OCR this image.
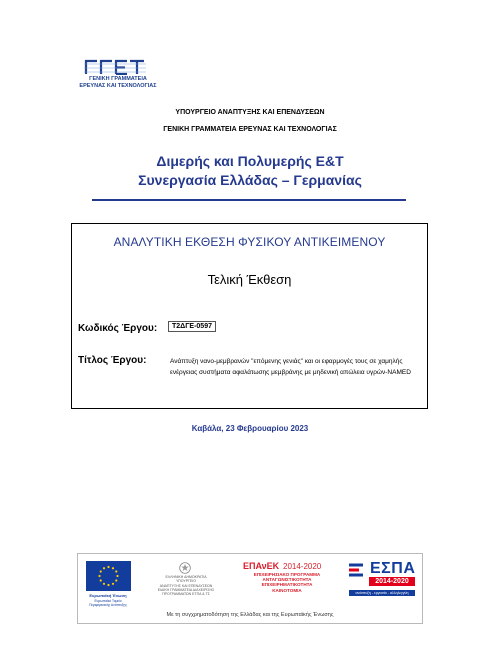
ΓΕΝΙΚΗ ΓΡΑΜΜΑΤΕΙΑ
ΕΡΕΥΝΑΣ ΚΑΙ ΤΕΧΝΟΛΟΓΙΑΣ
ΥΠΟΥΡΓΕΙΟ ΑΝΑΠΤΥΞΗΣ ΚΑΙ ΕΠΕΝΔΥΣΕΩΝ
ΓΕΝΙΚΗ ΓΡΑΜΜΑΤΕΙΑ ΕΡΕΥΝΑΣ ΚΑΙ ΤΕΧΝΟΛΟΓΙΑΣ
Διμερής και Πολυμερής Ε&Τ
Συνεργασία Ελλάδας – Γερμανίας
ΑΝΑΛΥΤΙΚΗ ΕΚΘΕΣΗ ΦΥΣΙΚΟΥ ΑΝΤΙΚΕΙΜΕΝΟΥ
Τελική Έκθεση
Κωδικός Έργου:	Τ2ΔΓΕ-0597
Τίτλος Έργου:	Ανάπτυξη νανο-μεμβρανών "επόμενης γενιάς" και οι εφαρμογές τους σε χαμηλής ενέργειας συστήματα αφαλάτωσης μεμβράνης με μηδενική απώλεια υγρών-NAMED
Καβάλα, 23 Φεβρουαρίου 2023
Ευρωπαϊκή Ένωση
Ευρωπαϊκό Ταμείο
Περιφερειακής Ανάπτυξης
ΕΛΛΗΝΙΚΗ ΔΗΜΟΚΡΑΤΙΑ
ΥΠΟΥΡΓΕΙΟ
ΑΝΑΠΤΥΞΗΣ ΚΑΙ ΕΠΕΝΔΥΣΕΩΝ
ΕΙΔΙΚΗ ΓΡΑΜΜΑΤΕΙΑ ΔΙΑΧΕΙΡΙΣΗΣ
ΠΡΟΓΡΑΜΜΑΤΩΝ ΕΤΠΑ & ΤΣ
ΕΠΑνΕΚ 2014-2020
ΕΠΙΧΕΙΡΗΣΙΑΚΟ ΠΡΟΓΡΑΜΜΑ
ΑΝΤΑΓΩΝΙΣΤΙΚΟΤΗΤΑ
ΕΠΙΧΕΙΡΗΜΑΤΙΚΟΤΗΤΑ
ΚΑΙΝΟΤΟΜΙΑ
ΕΣΠΑ
2014-2020
ανάπτυξη - εργασία - αλληλεγγύη
Με τη συγχρηματοδότηση της Ελλάδας και της Ευρωπαϊκής Ένωσης
